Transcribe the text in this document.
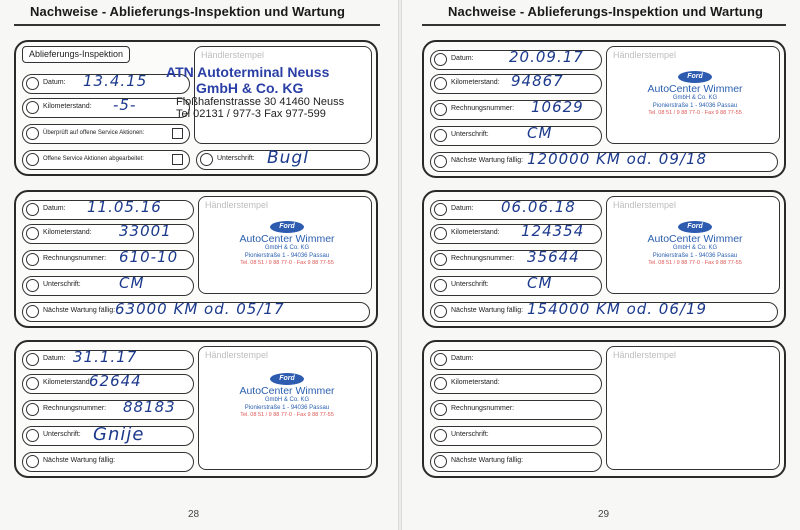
Nachweise - Ablieferungs-Inspektion und Wartung
Ablieferungs-Inspektion
Datum: 13.4.15
Kilometerstand: -5-
Überprüft auf offene Service Aktionen:
Offene Service Aktionen abgearbeitet:
Händlerstempel
ATN Autoterminal Neuss
GmbH & Co. KG
Floßhafenstrasse 30 41460 Neuss
Tel 02131 / 977-3 Fax 977-599
Unterschrift: Bugl
Datum: 11.05.16
Kilometerstand: 33001
Rechnungsnummer: 610-10
Unterschrift:	CM
Nächste Wartung fällig: 63000 KM od. 05/17
Händlerstempel
Ford
AutoCenter Wimmer
GmbH & Co. KG
Pionierstraße 1 - 94036 Passau
Tel. 08 51 / 9 88 77-0 · Fax 9 88 77-55
Datum: 31.1.17
Kilometerstand:
62644
Rechnungsnummer: 88183
Unterschrift: Gnije
Nächste Wartung fällig:
Händlerstempel
Ford
AutoCenter Wimmer
GmbH & Co. KG
Pionierstraße 1 - 94036 Passau
Tel. 08 51 / 9 88 77-0 · Fax 9 88 77-55
28
Nachweise - Ablieferungs-Inspektion und Wartung
Datum: 20.09.17
Kilometerstand: 94867
Rechnungsnummer: 10629
Unterschrift:	CM
Nächste Wartung fällig: 120000 KM od. 09/18
Händlerstempel
Ford
AutoCenter Wimmer
GmbH & Co. KG
Pionierstraße 1 - 94036 Passau
Tel. 08 51 / 9 88 77-0 · Fax 9 88 77-55
Datum: 06.06.18
Kilometerstand: 124354
Rechnungsnummer: 35644
Unterschrift:	CM
Nächste Wartung fällig: 154000 KM od. 06/19
Händlerstempel
Ford
AutoCenter Wimmer
GmbH & Co. KG
Pionierstraße 1 - 94036 Passau
Tel. 08 51 / 9 88 77-0 · Fax 9 88 77-55
Datum:
Kilometerstand:
Rechnungsnummer:
Unterschrift:
Nächste Wartung fällig:
Händlerstempel
29
